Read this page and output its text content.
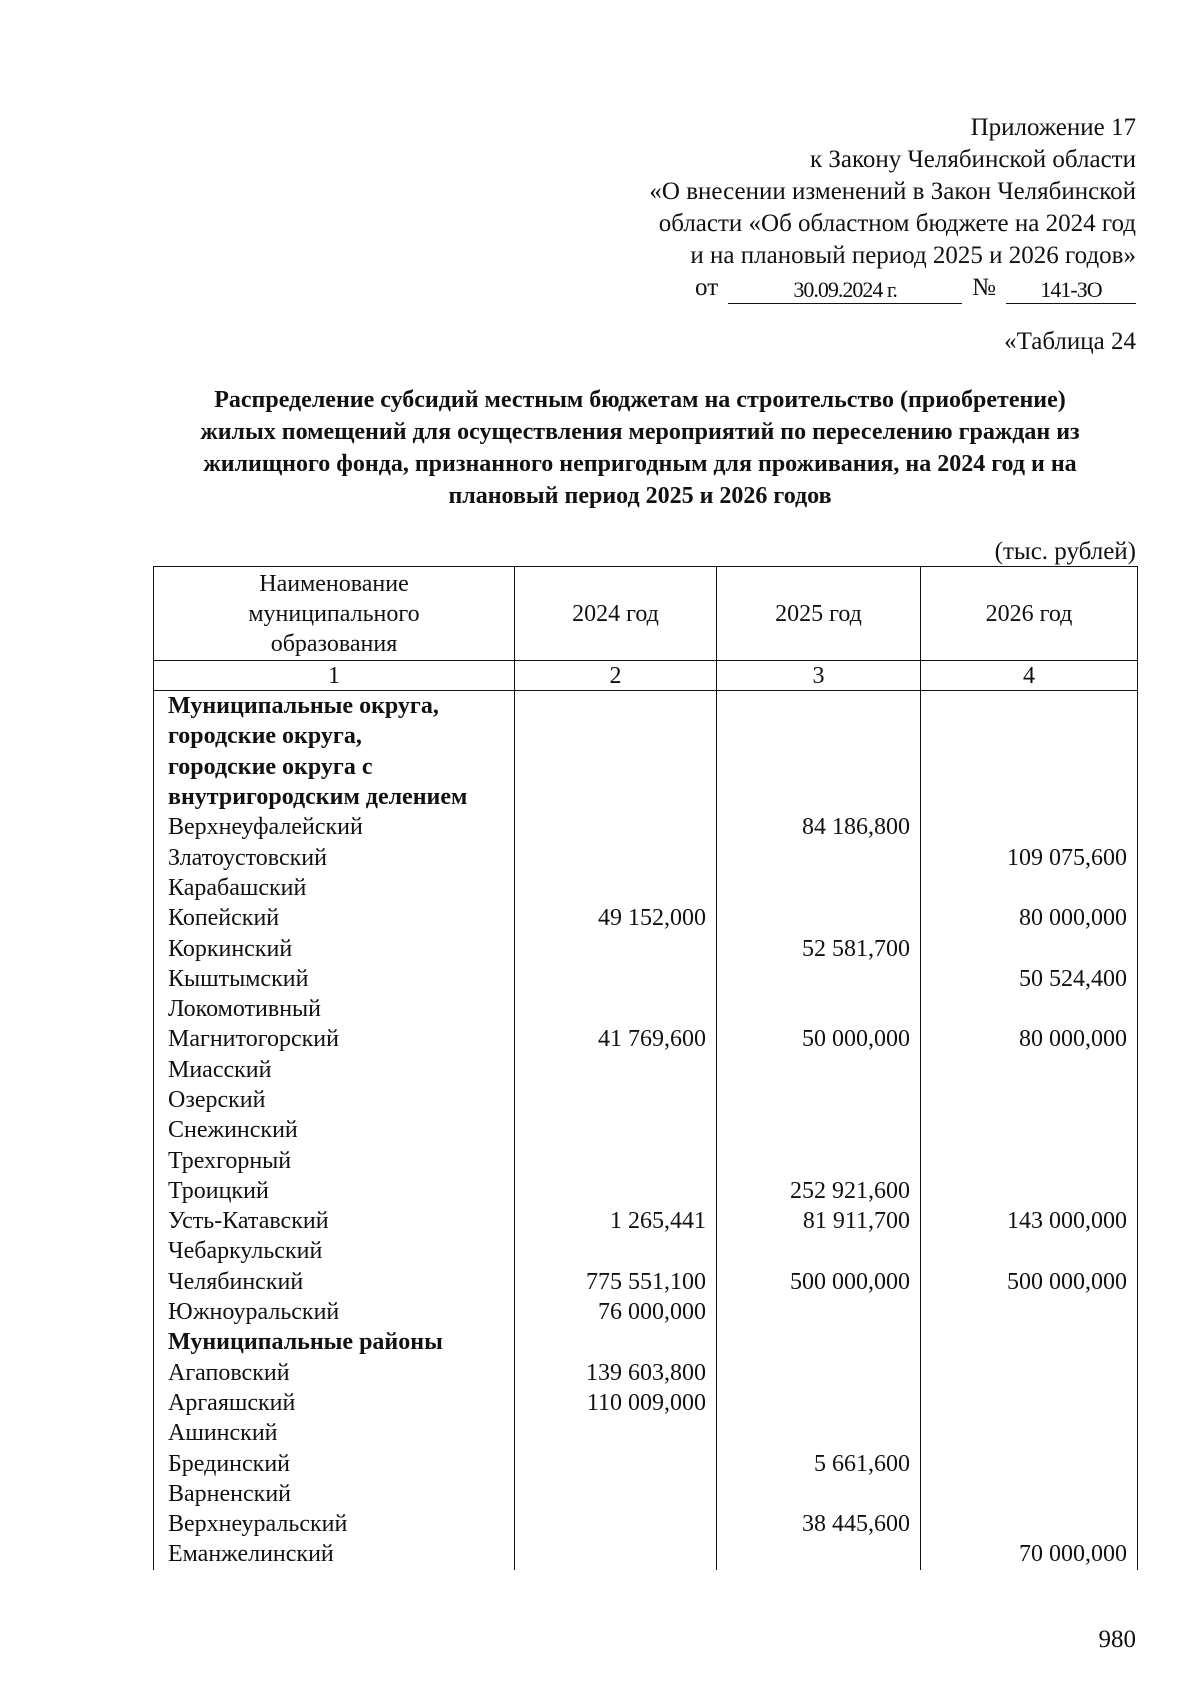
Приложение 17
к Закону Челябинской области
«О внесении изменений в Закон Челябинской
области «Об областном бюджете на 2024 год
и на плановый период 2025 и 2026 годов»
от	30.09.2024 г.	№	141-ЗО
«Таблица 24
Распределение субсидий местным бюджетам на строительство (приобретение)
жилых помещений для осуществления мероприятий по переселению граждан из
жилищного фонда, признанного непригодным для проживания, на 2024 год и на
плановый период 2025 и 2026 годов
(тыс. рублей)
Наименование муниципального образования	2024 год	2025 год	2026 год
1	2	3	4
Муниципальные округа,			
городские округа,			
городские округа с			
внутригородским делением			
Верхнеуфалейский		84 186,800	
Златоустовский			109 075,600
Карабашский			
Копейский	49 152,000		80 000,000
Коркинский		52 581,700	
Кыштымский			50 524,400
Локомотивный			
Магнитогорский	41 769,600	50 000,000	80 000,000
Миасский			
Озерский			
Снежинский			
Трехгорный			
Троицкий		252 921,600	
Усть-Катавский	1 265,441	81 911,700	143 000,000
Чебаркульский			
Челябинский	775 551,100	500 000,000	500 000,000
Южноуральский	76 000,000		
Муниципальные районы			
Агаповский	139 603,800		
Аргаяшский	110 009,000		
Ашинский			
Брединский		5 661,600	
Варненский			
Верхнеуральский		38 445,600	
Еманжелинский			70 000,000
980
